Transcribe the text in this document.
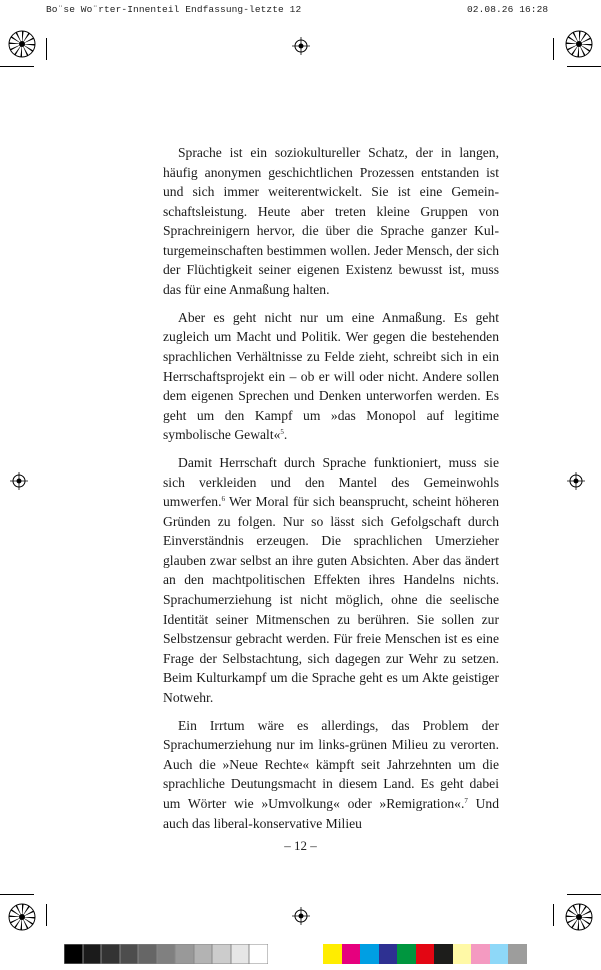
Bo¨se Wo¨rter-Innenteil Endfassung-letzte 12	02.08.26 16:28

Sprache ist ein soziokultureller Schatz, der in langen, häufig anonymen geschichtlichen Prozessen entstanden ist und sich immer weiterentwickelt. Sie ist eine Gemeinschaftsleistung. Heute aber treten kleine Gruppen von Sprachreinigern hervor, die über die Sprache ganzer Kulturgemeinschaften bestimmen wollen. Jeder Mensch, der sich der Flüchtigkeit seiner eigenen Existenz bewusst ist, muss das für eine Anmaßung halten.

Aber es geht nicht nur um eine Anmaßung. Es geht zugleich um Macht und Politik. Wer gegen die bestehenden sprachlichen Verhältnisse zu Felde zieht, schreibt sich in ein Herrschaftsprojekt ein – ob er will oder nicht. Andere sollen dem eigenen Sprechen und Denken unterworfen werden. Es geht um den Kampf um »das Monopol auf legitime symbolische Gewalt«$^5$.

Damit Herrschaft durch Sprache funktioniert, muss sie sich verkleiden und den Mantel des Gemeinwohls umwerfen.$^6$ Wer Moral für sich beansprucht, scheint höheren Gründen zu folgen. Nur so lässt sich Gefolgschaft durch Einverständnis erzeugen. Die sprachlichen Umerzieher glauben zwar selbst an ihre guten Absichten. Aber das ändert an den machtpolitischen Effekten ihres Handelns nichts. Sprachumerziehung ist nicht möglich, ohne die seelische Identität seiner Mitmenschen zu berühren. Sie sollen zur Selbstzensur gebracht werden. Für freie Menschen ist es eine Frage der Selbstachtung, sich dagegen zur Wehr zu setzen. Beim Kulturkampf um die Sprache geht es um Akte geistiger Notwehr.

Ein Irrtum wäre es allerdings, das Problem der Sprachumerziehung nur im links-grünen Milieu zu verorten. Auch die »Neue Rechte« kämpft seit Jahrzehnten um die sprachliche Deutungsmacht in diesem Land. Es geht dabei um Wörter wie »Umvolkung« oder »Remigration«.$^7$ Und auch das liberal-konservative Milieu

– 12 –
